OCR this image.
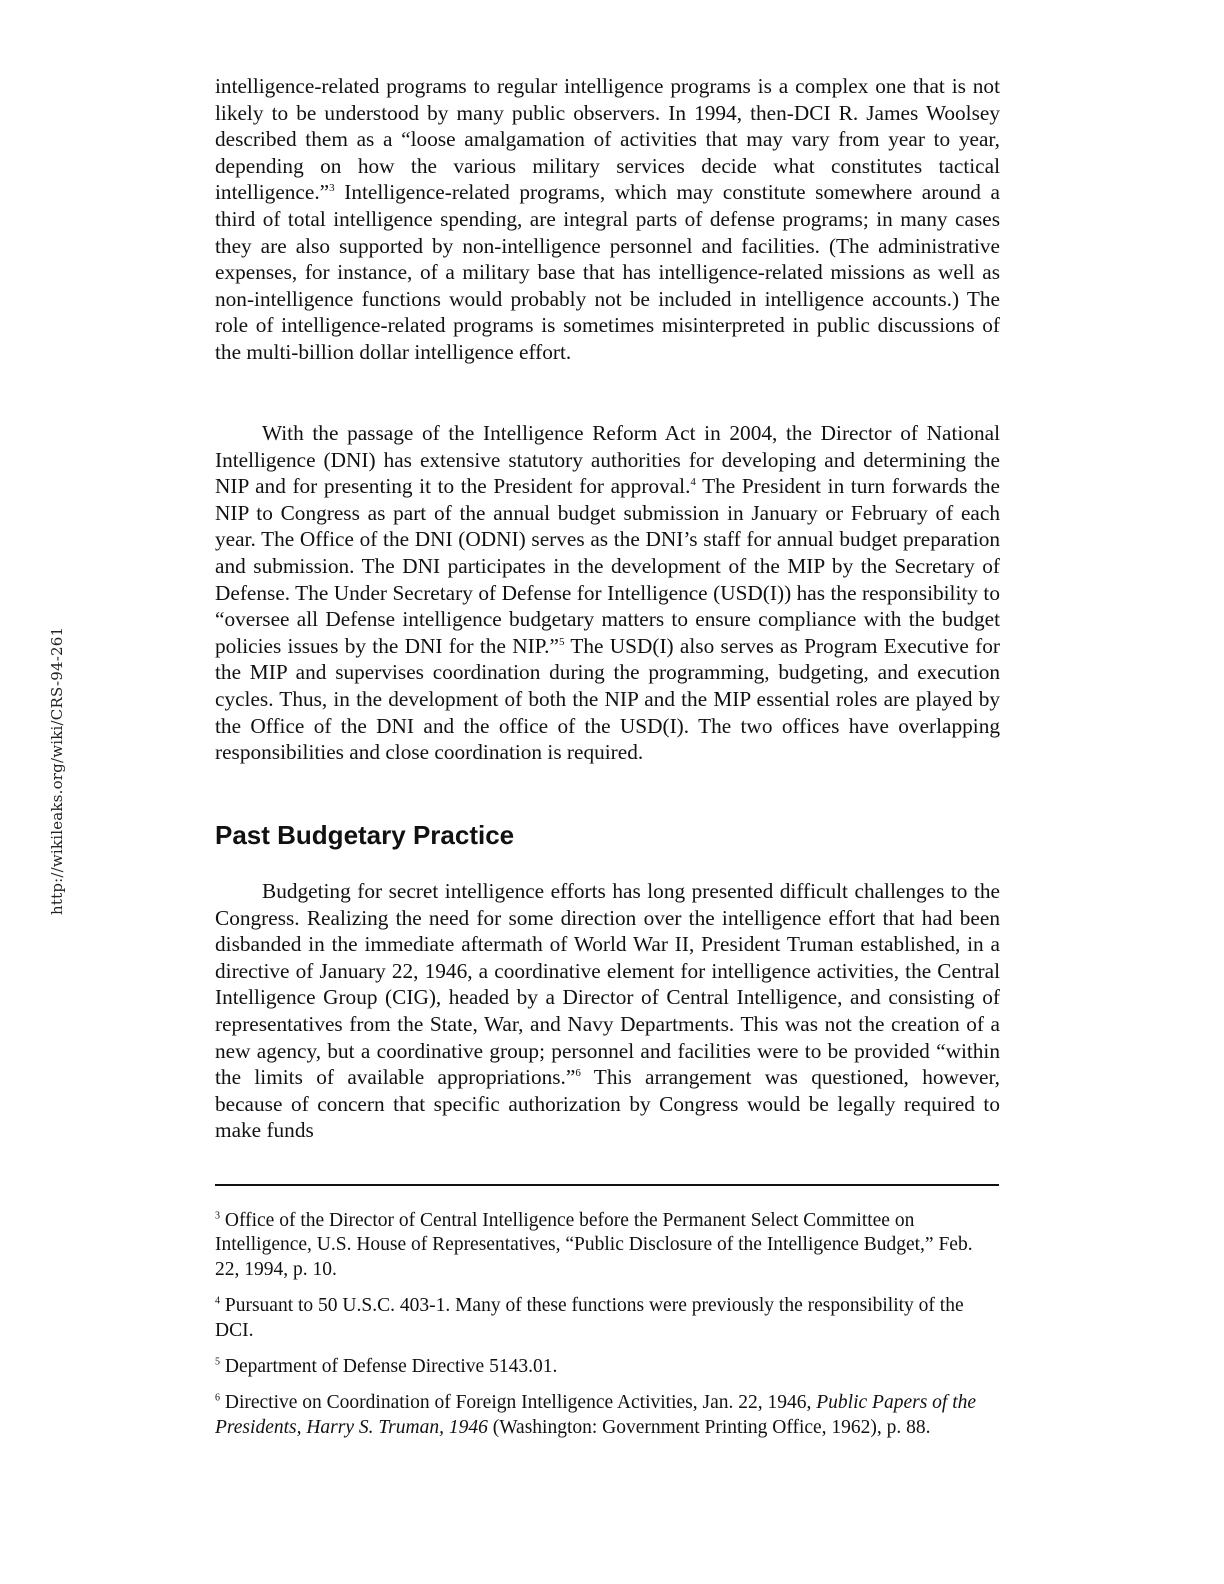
http://wikileaks.org/wiki/CRS-94-261

intelligence-related programs to regular intelligence programs is a complex one that is not likely to be understood by many public observers. In 1994, then-DCI R. James Woolsey described them as a “loose amalgamation of activities that may vary from year to year, depending on how the various military services decide what constitutes tactical intelligence.”$^3$ Intelligence-related programs, which may constitute somewhere around a third of total intelligence spending, are integral parts of defense programs; in many cases they are also supported by non-intelligence personnel and facilities. (The administrative expenses, for instance, of a military base that has intelligence-related missions as well as non-intelligence functions would probably not be included in intelligence accounts.) The role of intelligence-related programs is sometimes misinterpreted in public discussions of the multi-billion dollar intelligence effort.

With the passage of the Intelligence Reform Act in 2004, the Director of National Intelligence (DNI) has extensive statutory authorities for developing and determining the NIP and for presenting it to the President for approval.$^4$ The President in turn forwards the NIP to Congress as part of the annual budget submission in January or February of each year. The Office of the DNI (ODNI) serves as the DNI’s staff for annual budget preparation and submission. The DNI participates in the development of the MIP by the Secretary of Defense. The Under Secretary of Defense for Intelligence (USD(I)) has the responsibility to “oversee all Defense intelligence budgetary matters to ensure compliance with the budget policies issues by the DNI for the NIP.”$^5$ The USD(I) also serves as Program Executive for the MIP and supervises coordination during the programming, budgeting, and execution cycles. Thus, in the development of both the NIP and the MIP essential roles are played by the Office of the DNI and the office of the USD(I). The two offices have overlapping responsibilities and close coordination is required.

Past Budgetary Practice

Budgeting for secret intelligence efforts has long presented difficult challenges to the Congress. Realizing the need for some direction over the intelligence effort that had been disbanded in the immediate aftermath of World War II, President Truman established, in a directive of January 22, 1946, a coordinative element for intelligence activities, the Central Intelligence Group (CIG), headed by a Director of Central Intelligence, and consisting of representatives from the State, War, and Navy Departments. This was not the creation of a new agency, but a coordinative group; personnel and facilities were to be provided “within the limits of available appropriations.”$^6$ This arrangement was questioned, however, because of concern that specific authorization by Congress would be legally required to make funds

$^3$ Office of the Director of Central Intelligence before the Permanent Select Committee on Intelligence, U.S. House of Representatives, “Public Disclosure of the Intelligence Budget,” Feb. 22, 1994, p. 10.

$^4$ Pursuant to 50 U.S.C. 403-1. Many of these functions were previously the responsibility of the DCI.

$^5$ Department of Defense Directive 5143.01.

$^6$ Directive on Coordination of Foreign Intelligence Activities, Jan. 22, 1946, Public Papers of the Presidents, Harry S. Truman, 1946 (Washington: Government Printing Office, 1962), p. 88.
